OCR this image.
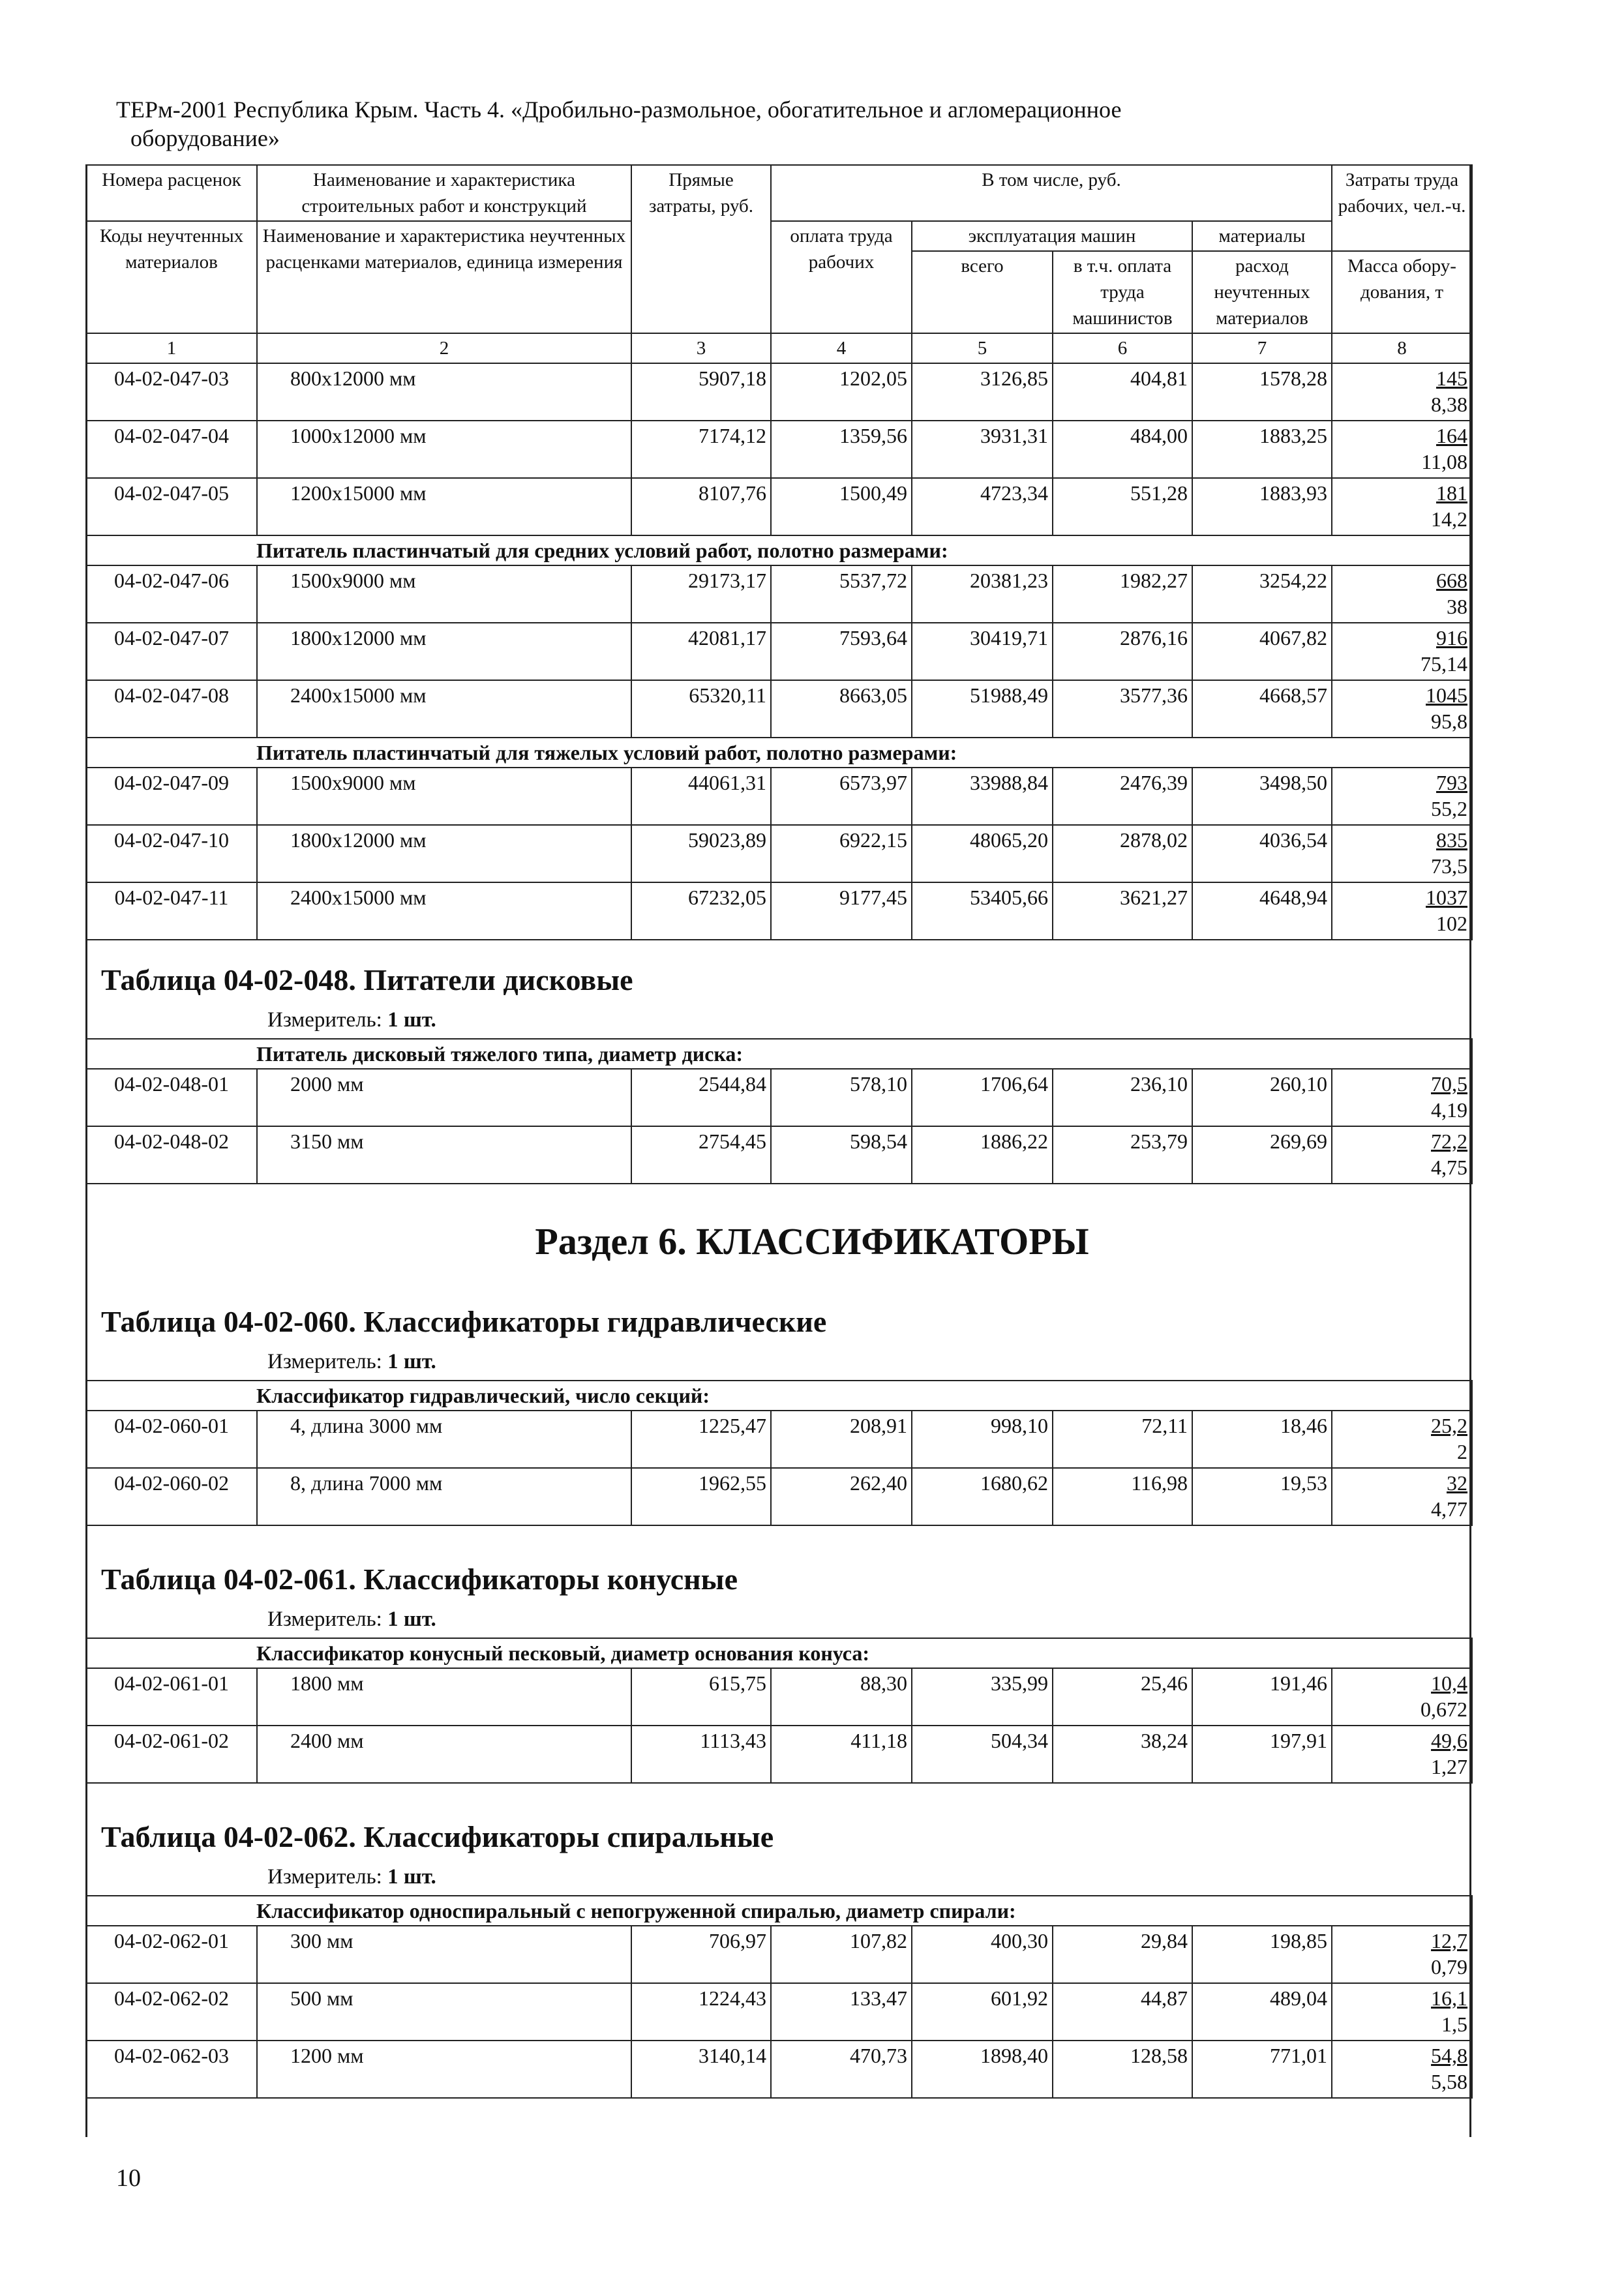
ТЕРм-2001 Республика Крым. Часть 4. «Дробильно-размольное, обогатительное и агломерационное
оборудование»
Номера расценок	Наименование и характеристика строительных работ и конструкций	Прямые затраты, руб.	В том числе, руб.				Затраты труда рабочих, чел.-ч.
Коды неучтенных материалов	Наименование и характеристика неучтенных расценками материалов, единица измерения		оплата труда рабочих	эксплуатация машин		материалы	
				всего	в т.ч. оплата труда машинистов	расход неучтенных материалов	Масса обору-дования, т
1	2	3	4	5	6	7	8
04-02-047-03	800х12000 мм	5907,18	1202,05	3126,85	404,81	1578,28	145
8,38

04-02-047-04	1000х12000 мм	7174,12	1359,56	3931,31	484,00	1883,25	164
11,08

04-02-047-05	1200х15000 мм	8107,76	1500,49	4723,34	551,28	1883,93	181
14,2

Питатель пластинчатый для средних условий работ, полотно размерами:							
04-02-047-06	1500х9000 мм	29173,17	5537,72	20381,23	1982,27	3254,22	668
38

04-02-047-07	1800х12000 мм	42081,17	7593,64	30419,71	2876,16	4067,82	916
75,14

04-02-047-08	2400х15000 мм	65320,11	8663,05	51988,49	3577,36	4668,57	1045
95,8

Питатель пластинчатый для тяжелых условий работ, полотно размерами:							
04-02-047-09	1500х9000 мм	44061,31	6573,97	33988,84	2476,39	3498,50	793
55,2

04-02-047-10	1800х12000 мм	59023,89	6922,15	48065,20	2878,02	4036,54	835
73,5

04-02-047-11	2400х15000 мм	67232,05	9177,45	53405,66	3621,27	4648,94	1037
102
Таблица 04-02-048. Питатели дисковые
Измеритель: 1 шт.
Питатель дисковый тяжелого типа, диаметр диска:							
04-02-048-01	2000 мм	2544,84	578,10	1706,64	236,10	260,10	70,5
4,19

04-02-048-02	3150 мм	2754,45	598,54	1886,22	253,79	269,69	72,2
4,75
Раздел 6. КЛАССИФИКАТОРЫ
Таблица 04-02-060. Классификаторы гидравлические
Измеритель: 1 шт.
Классификатор гидравлический, число секций:							
04-02-060-01	4, длина 3000 мм	1225,47	208,91	998,10	72,11	18,46	25,2
2

04-02-060-02	8, длина 7000 мм	1962,55	262,40	1680,62	116,98	19,53	32
4,77
Таблица 04-02-061. Классификаторы конусные
Измеритель: 1 шт.
Классификатор конусный песковый, диаметр основания конуса:							
04-02-061-01	1800 мм	615,75	88,30	335,99	25,46	191,46	10,4
0,672

04-02-061-02	2400 мм	1113,43	411,18	504,34	38,24	197,91	49,6
1,27
Таблица 04-02-062. Классификаторы спиральные
Измеритель: 1 шт.
Классификатор односпиральный с непогруженной спиралью, диаметр спирали:							
04-02-062-01	300 мм	706,97	107,82	400,30	29,84	198,85	12,7
0,79

04-02-062-02	500 мм	1224,43	133,47	601,92	44,87	489,04	16,1
1,5

04-02-062-03	1200 мм	3140,14	470,73	1898,40	128,58	771,01	54,8
5,58
10
